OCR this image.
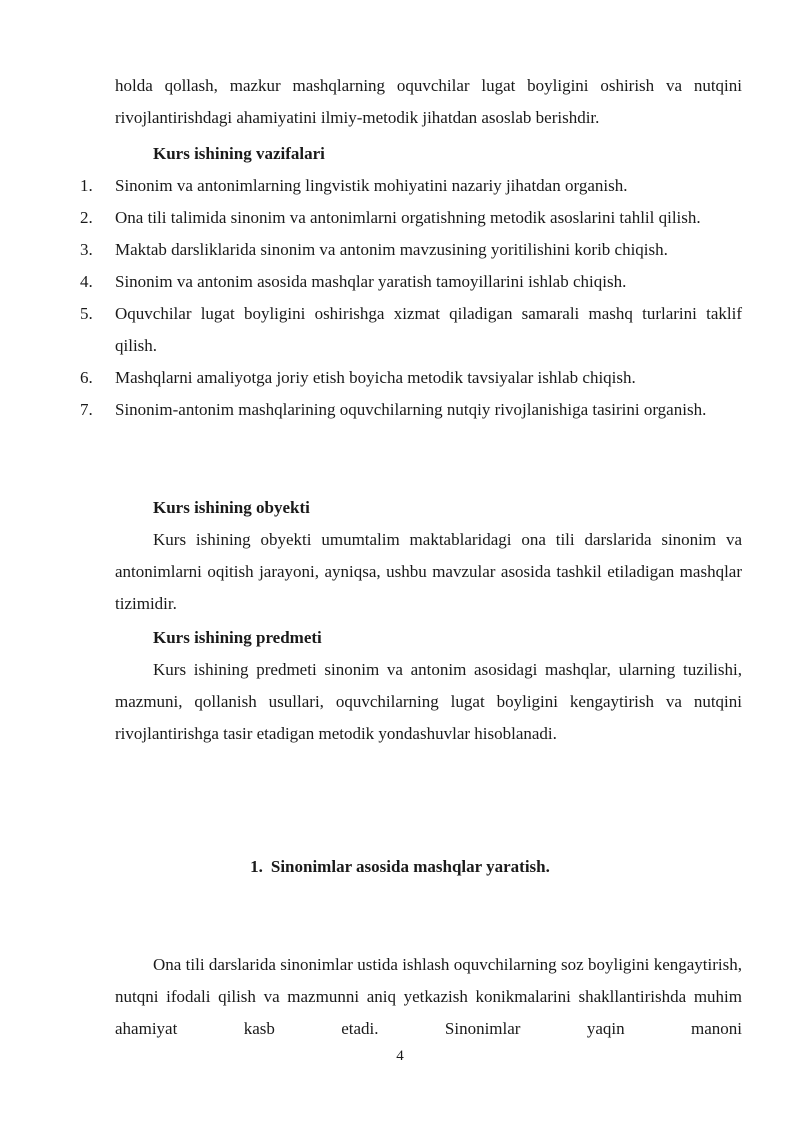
holda qollash, mazkur mashqlarning oquvchilar lugat boyligini oshirish va nutqini rivojlantirishdagi ahamiyatini ilmiy-metodik jihatdan asoslab berishdir.
Kurs ishining vazifalari
1. Sinonim va antonimlarning lingvistik mohiyatini nazariy jihatdan organish.
2. Ona tili talimida sinonim va antonimlarni orgatishning metodik asoslarini tahlil qilish.
3. Maktab darsliklarida sinonim va antonim mavzusining yoritilishini korib chiqish.
4. Sinonim va antonim asosida mashqlar yaratish tamoyillarini ishlab chiqish.
5. Oquvchilar lugat boyligini oshirishga xizmat qiladigan samarali mashq turlarini taklif qilish.
6. Mashqlarni amaliyotga joriy etish boyicha metodik tavsiyalar ishlab chiqish.
7. Sinonim-antonim mashqlarining oquvchilarning nutqiy rivojlanishiga tasirini organish.
Kurs ishining obyekti
Kurs ishining obyekti umumtalim maktablaridagi ona tili darslarida sinonim va antonimlarni oqitish jarayoni, ayniqsa, ushbu mavzular asosida tashkil etiladigan mashqlar tizimidir.
Kurs ishining predmeti
Kurs ishining predmeti sinonim va antonim asosidagi mashqlar, ularning tuzilishi, mazmuni, qollanish usullari, oquvchilarning lugat boyligini kengaytirish va nutqini rivojlantirishga tasir etadigan metodik yondashuvlar hisoblanadi.
1. Sinonimlar asosida mashqlar yaratish.
Ona tili darslarida sinonimlar ustida ishlash oquvchilarning soz boyligini kengaytirish, nutqni ifodali qilish va mazmunni aniq yetkazish konikmalarini shakllantirishda muhim ahamiyat kasb etadi. Sinonimlar yaqin manoni
4
